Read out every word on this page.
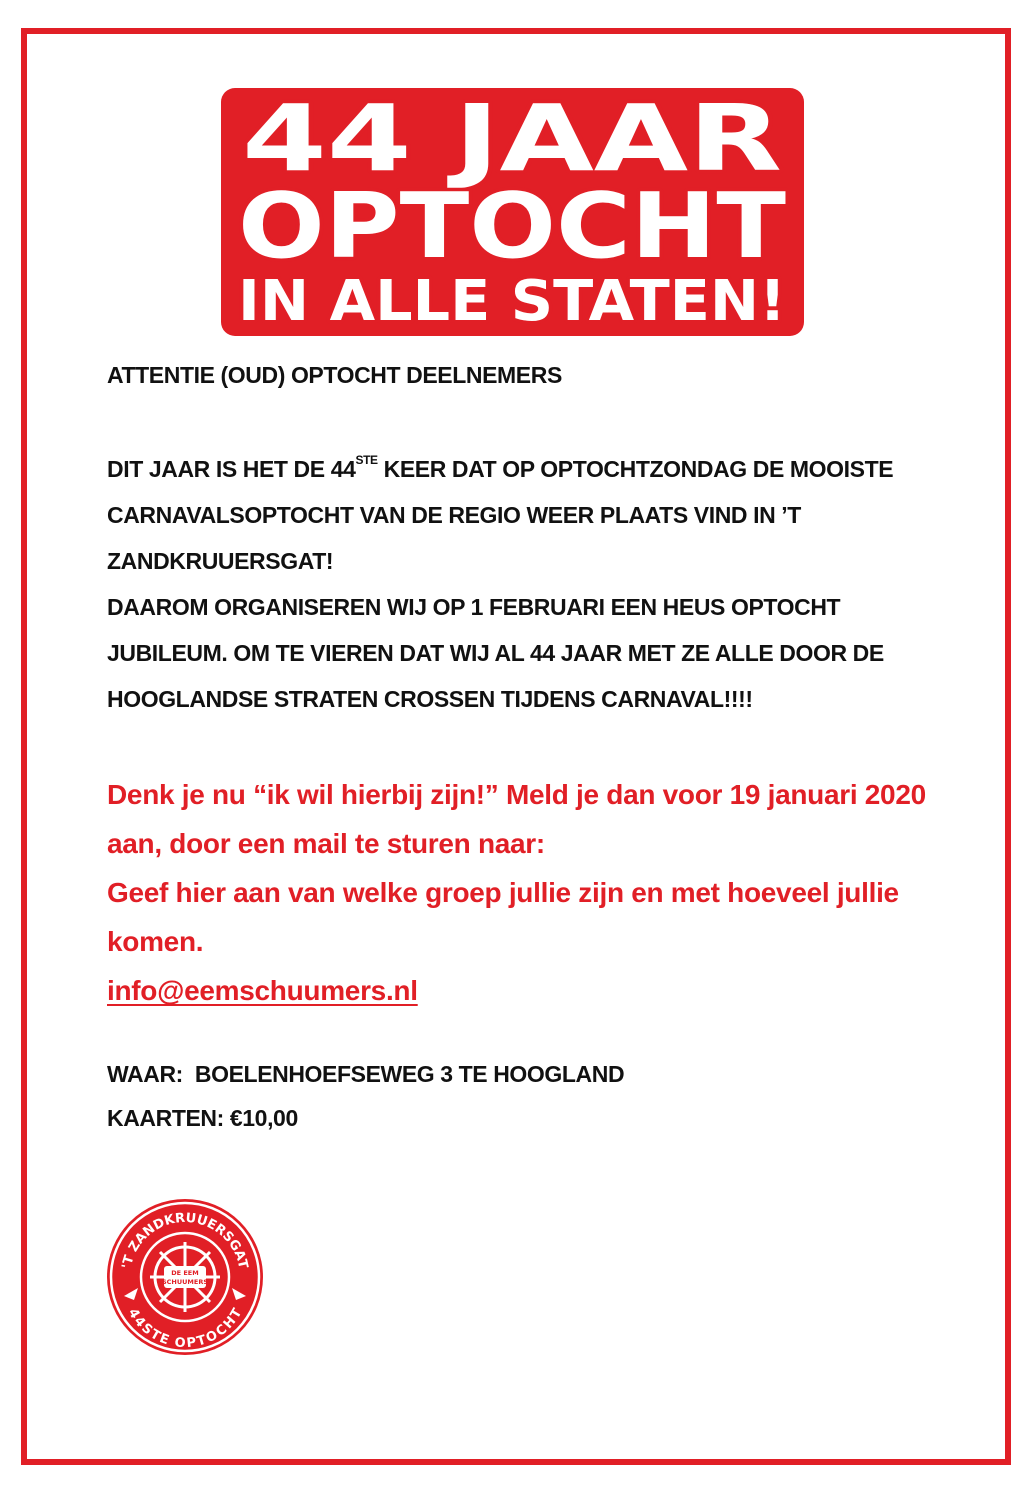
44 JAAR
OPTOCHT
IN ALLE STATEN!

ATTENTIE (OUD) OPTOCHT DEELNEMERS

DIT JAAR IS HET DE 44STE KEER DAT OP OPTOCHTZONDAG DE MOOISTE CARNAVALSOPTOCHT VAN DE REGIO WEER PLAATS VIND IN ’T ZANDKRUUERSGAT!

DAAROM ORGANISEREN WIJ OP 1 FEBRUARI EEN HEUS OPTOCHT JUBILEUM. OM TE VIEREN DAT WIJ AL 44 JAAR MET ZE ALLE DOOR DE HOOGLANDSE STRATEN CROSSEN TIJDENS CARNAVAL!!!!

Denk je nu “ik wil hierbij zijn!” Meld je dan voor 19 januari 2020 aan, door een mail te sturen naar:

Geef hier aan van welke groep jullie zijn en met hoeveel jullie komen.

info@eemschuumers.nl

WAAR:  BOELENHOEFSEWEG 3 TE HOOGLAND

KAARTEN: €10,00

'T ZANDKRUUERSGAT
44STE OPTOCHT
DE EEM
SCHUUMERS
